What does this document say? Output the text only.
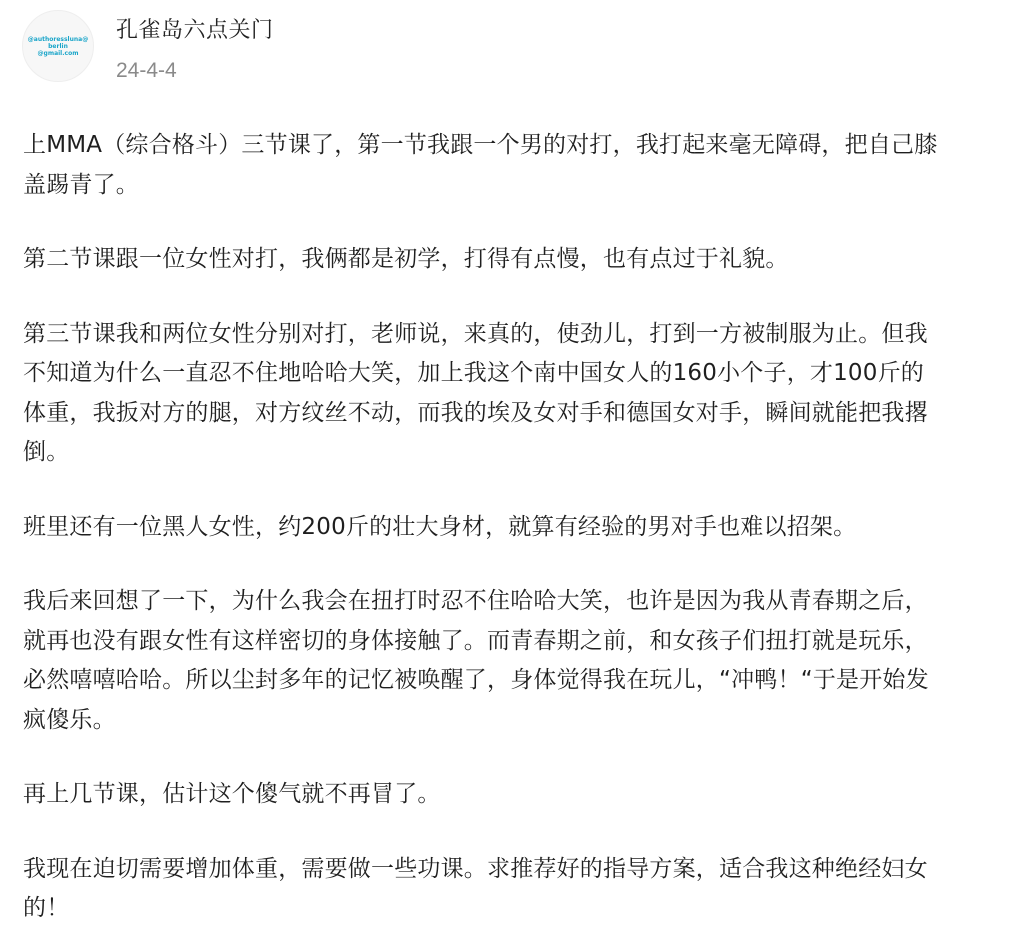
@authoressluna@
berlin
@gmail.com
孔雀岛六点关门
24-4-4
上MMA（综合格斗）三节课了，第一节我跟一个男的对打，我打起来毫无障碍，把自己膝
盖踢青了。
第二节课跟一位女性对打，我俩都是初学，打得有点慢，也有点过于礼貌。
第三节课我和两位女性分别对打，老师说，来真的，使劲儿，打到一方被制服为止。但我
不知道为什么一直忍不住地哈哈大笑，加上我这个南中国女人的160小个子，才100斤的
体重，我扳对方的腿，对方纹丝不动，而我的埃及女对手和德国女对手，瞬间就能把我撂
倒。
班里还有一位黑人女性，约200斤的壮大身材，就算有经验的男对手也难以招架。
我后来回想了一下，为什么我会在扭打时忍不住哈哈大笑，也许是因为我从青春期之后，
就再也没有跟女性有这样密切的身体接触了。而青春期之前，和女孩子们扭打就是玩乐，
必然嘻嘻哈哈。所以尘封多年的记忆被唤醒了，身体觉得我在玩儿，“冲鸭！“于是开始发
疯傻乐。
再上几节课，估计这个傻气就不再冒了。
我现在迫切需要增加体重，需要做一些功课。求推荐好的指导方案，适合我这种绝经妇女
的！
